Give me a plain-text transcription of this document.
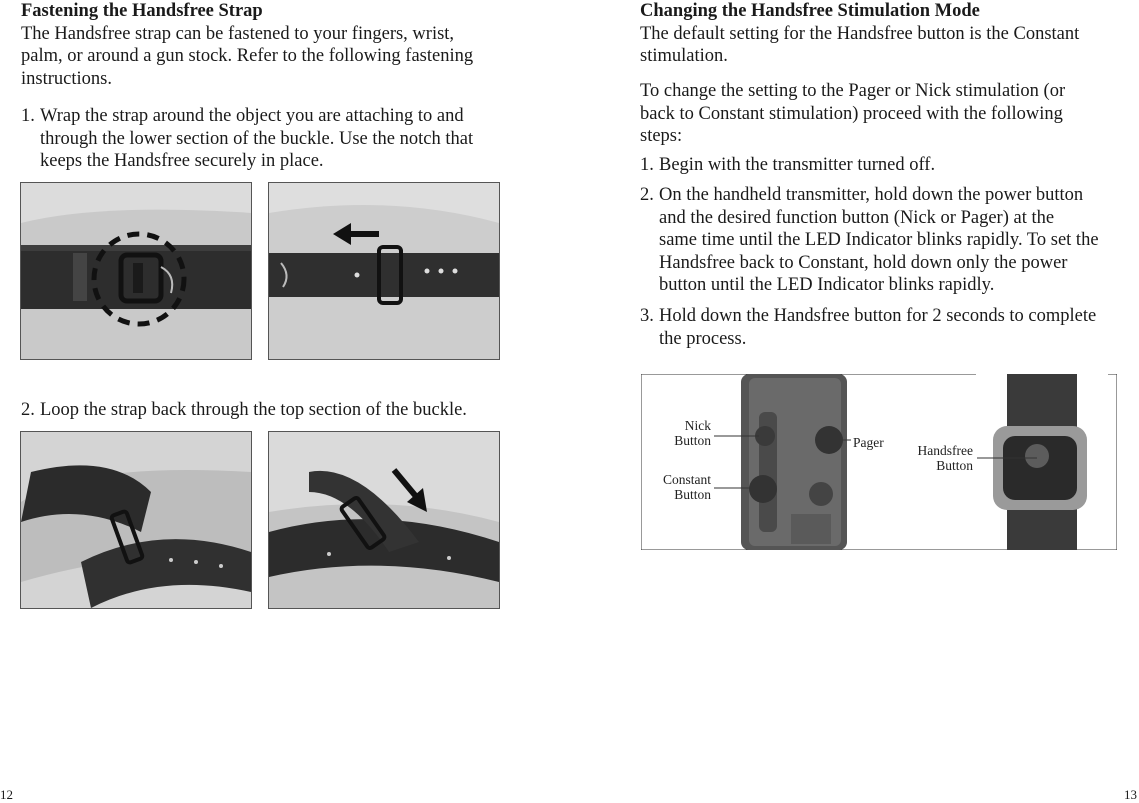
Fastening the Handsfree Strap
The Handsfree strap can be fastened to your fingers, wrist,
palm, or around a gun stock. Refer to the following fastening
instructions.
1. Wrap the strap around the object you are attaching to and
through the lower section of the buckle. Use the notch that
keeps the Handsfree securely in place.
2. Loop the strap back through the top section of the buckle.
12
Changing the Handsfree Stimulation Mode
The default setting for the Handsfree button is the Constant
stimulation.
To change the setting to the Pager or Nick stimulation (or
back to Constant stimulation) proceed with the following
steps:
1. Begin with the transmitter turned off.
2. On the handheld transmitter, hold down the power button
and the desired function button (Nick or Pager) at the
same time until the LED Indicator blinks rapidly. To set the
Handsfree back to Constant, hold down only the power
button until the LED Indicator blinks rapidly.
3. Hold down the Handsfree button for 2 seconds to complete
the process.
Nick
Button
Constant
Button
Pager
Handsfree
Button
13
